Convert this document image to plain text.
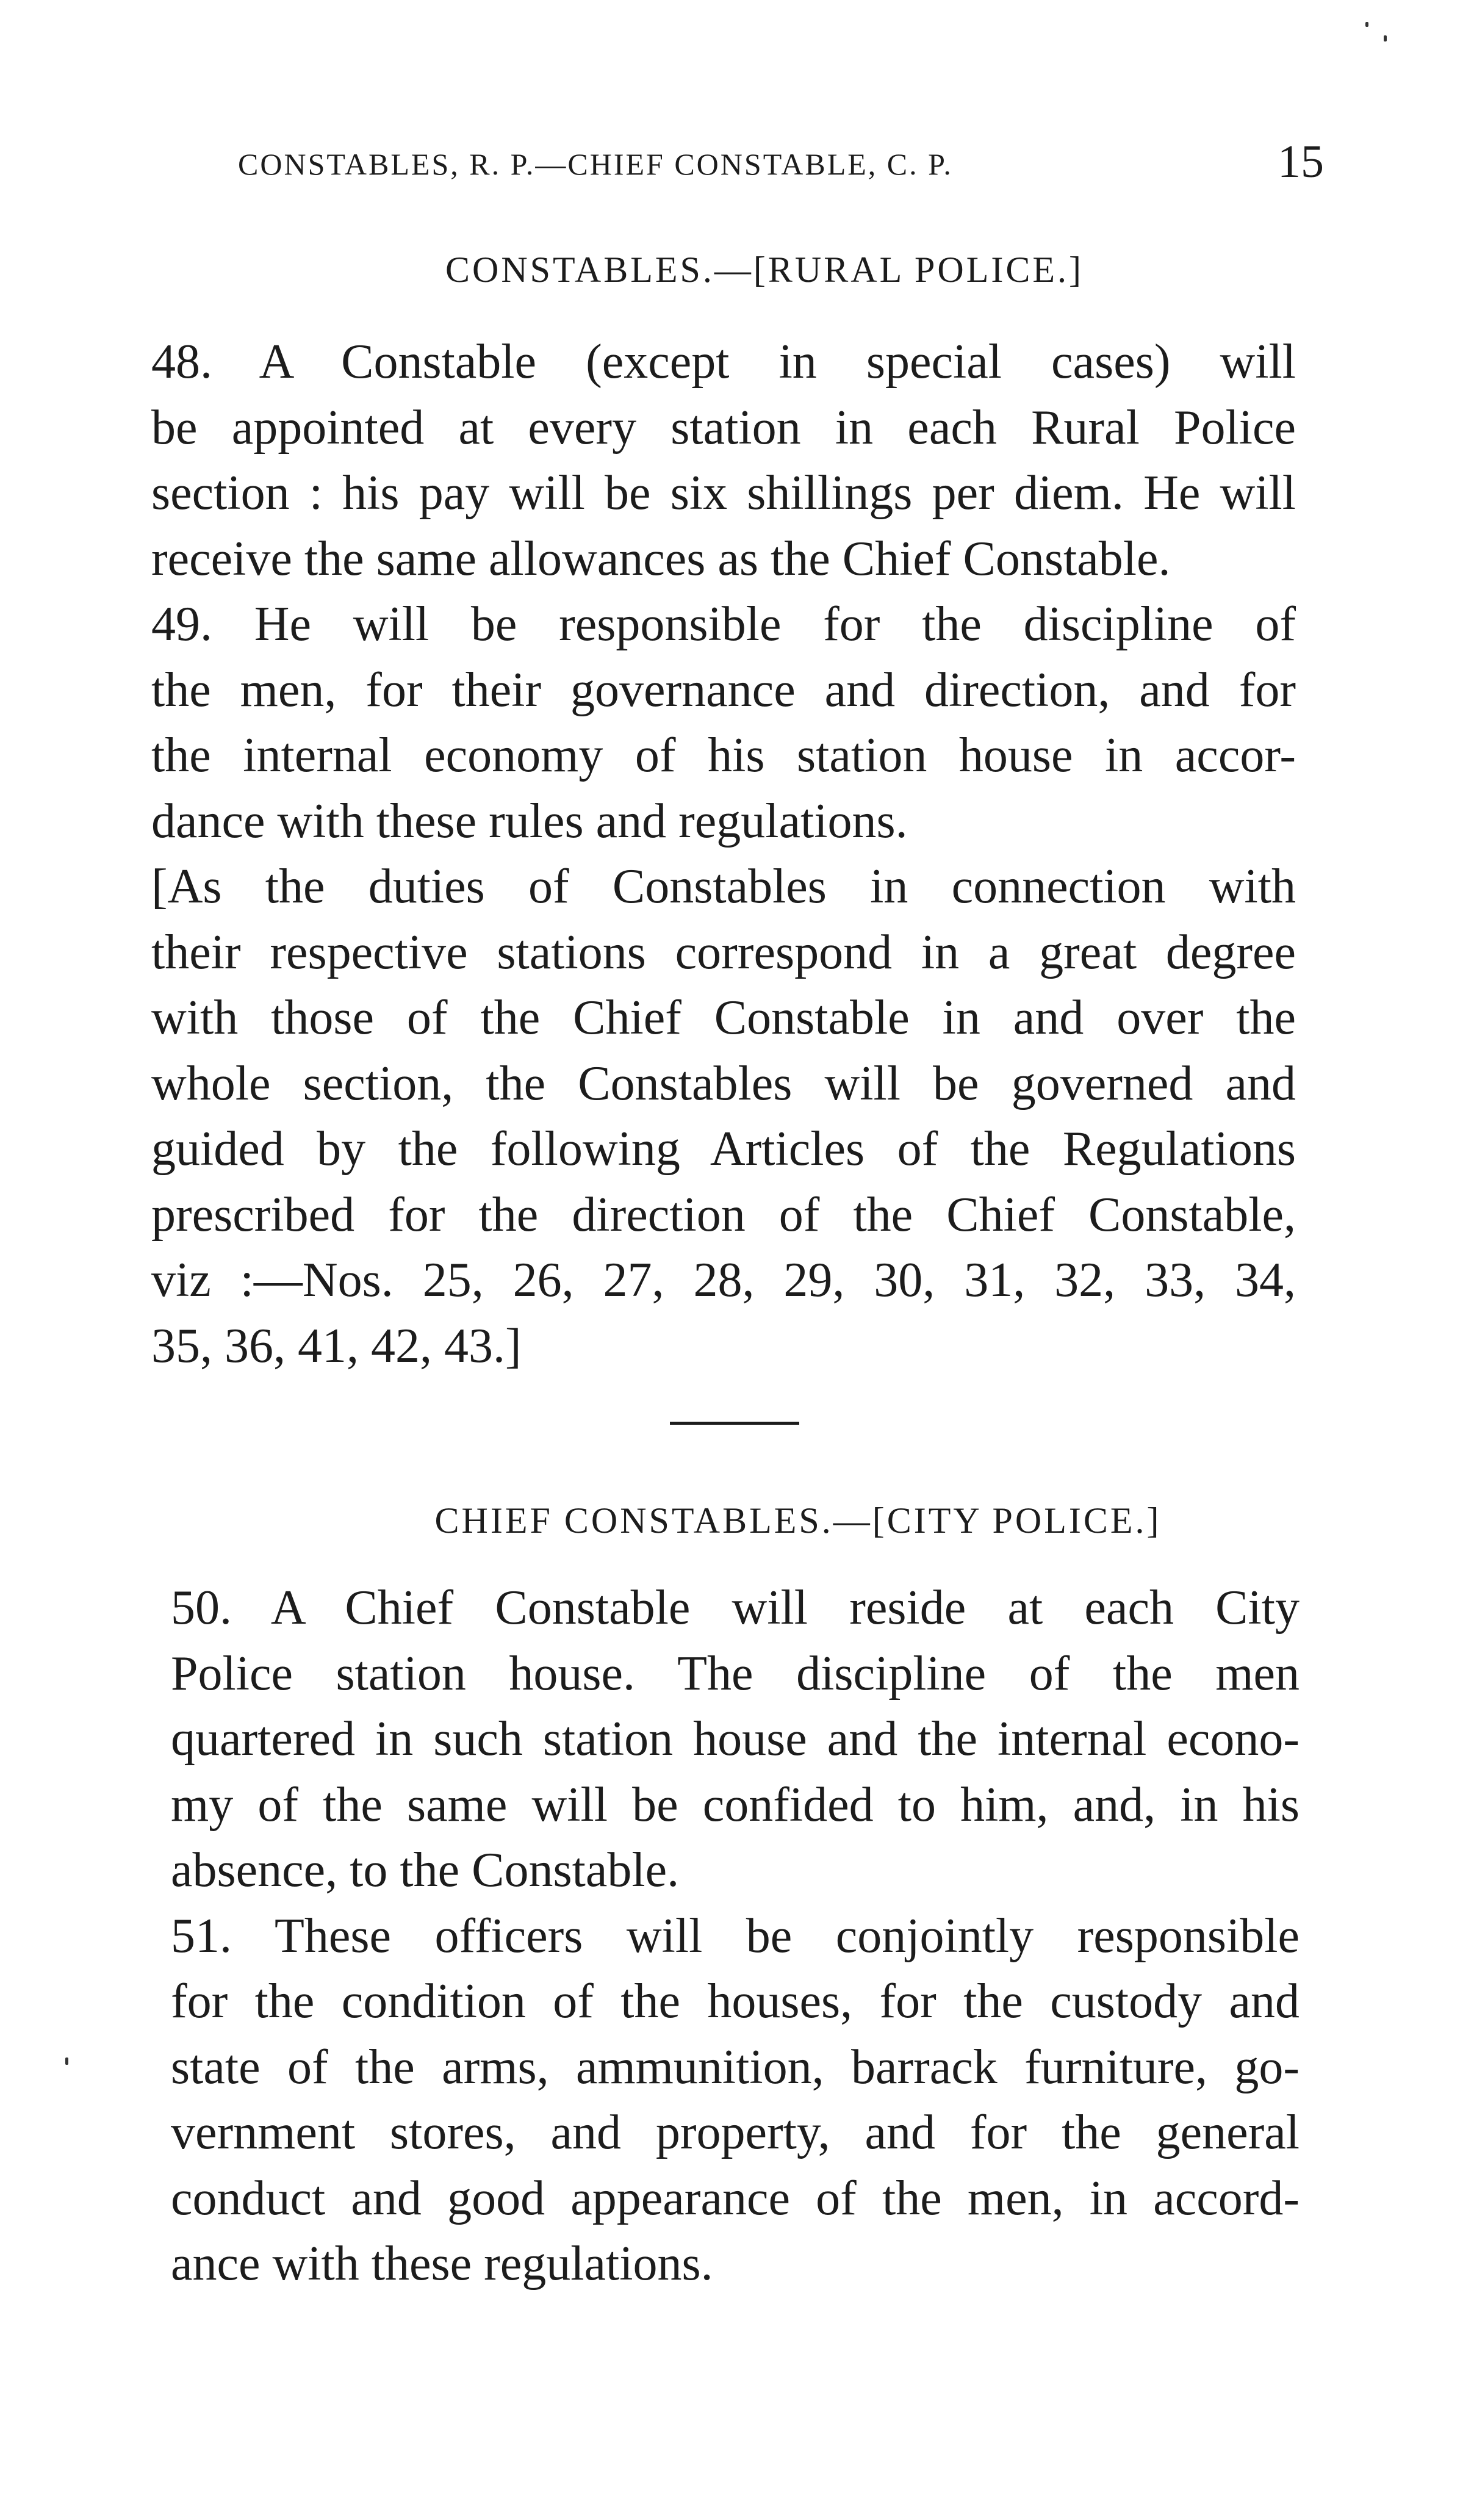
CONSTABLES, R. P.—CHIEF CONSTABLE, C. P.	15
CONSTABLES.—[RURAL POLICE.]
48. A Constable (except in special cases) will
be appointed at every station in each Rural Police
section : his pay will be six shillings per diem. He will
receive the same allowances as the Chief Constable.
49. He will be responsible for the discipline of
the men, for their governance and direction, and for
the internal economy of his station house in accor-
dance with these rules and regulations.
[As the duties of Constables in connection with
their respective stations correspond in a great degree
with those of the Chief Constable in and over the
whole section, the Constables will be governed and
guided by the following Articles of the Regulations
prescribed for the direction of the Chief Constable,
viz :—Nos. 25, 26, 27, 28, 29, 30, 31, 32, 33, 34,
35, 36, 41, 42, 43.]
CHIEF CONSTABLES.—[CITY POLICE.]
50. A Chief Constable will reside at each City
Police station house. The discipline of the men
quartered in such station house and the internal econo-
my of the same will be confided to him, and, in his
absence, to the Constable.
51. These officers will be conjointly responsible
for the condition of the houses, for the custody and
state of the arms, ammunition, barrack furniture, go-
vernment stores, and property, and for the general
conduct and good appearance of the men, in accord-
ance with these regulations.
